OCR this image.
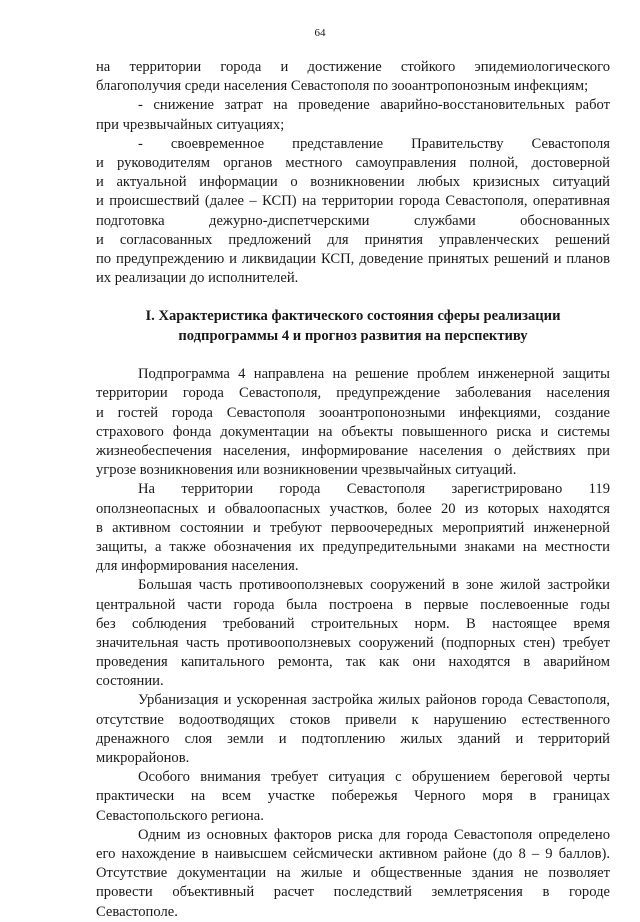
64
на территории города и достижение стойкого эпидемиологического
благополучия среди населения Севастополя по зооантропонозным инфекциям;
- снижение затрат на проведение аварийно-восстановительных работ
при чрезвычайных ситуациях;
- своевременное представление Правительству Севастополя
и руководителям органов местного самоуправления полной, достоверной
и актуальной информации о возникновении любых кризисных ситуаций
и происшествий (далее – КСП) на территории города Севастополя, оперативная
подготовка дежурно-диспетчерскими службами обоснованных
и согласованных предложений для принятия управленческих решений
по предупреждению и ликвидации КСП, доведение принятых решений и планов
их реализации до исполнителей.
I. Характеристика фактического состояния сферы реализации
подпрограммы 4 и прогноз развития на перспективу
Подпрограмма 4 направлена на решение проблем инженерной защиты
территории города Севастополя, предупреждение заболевания населения
и гостей города Севастополя зооантропонозными инфекциями, создание
страхового фонда документации на объекты повышенного риска и системы
жизнеобеспечения населения, информирование населения о действиях при
угрозе возникновения или возникновении чрезвычайных ситуаций.
На территории города Севастополя зарегистрировано 119
оползнеопасных и обвалоопасных участков, более 20 из которых находятся
в активном состоянии и требуют первоочередных мероприятий инженерной
защиты, а также обозначения их предупредительными знаками на местности
для информирования населения.
Большая часть противооползневых сооружений в зоне жилой застройки
центральной части города была построена в первые послевоенные годы
без соблюдения требований строительных норм. В настоящее время
значительная часть противооползневых сооружений (подпорных стен) требует
проведения капитального ремонта, так как они находятся в аварийном
состоянии.
Урбанизация и ускоренная застройка жилых районов города Севастополя,
отсутствие водоотводящих стоков привели к нарушению естественного
дренажного слоя земли и подтоплению жилых зданий и территорий
микрорайонов.
Особого внимания требует ситуация с обрушением береговой черты
практически на всем участке побережья Черного моря в границах
Севастопольского региона.
Одним из основных факторов риска для города Севастополя определено
его нахождение в наивысшем сейсмически активном районе (до 8 – 9 баллов).
Отсутствие документации на жилые и общественные здания не позволяет
провести объективный расчет последствий землетрясения в городе
Севастополе.
